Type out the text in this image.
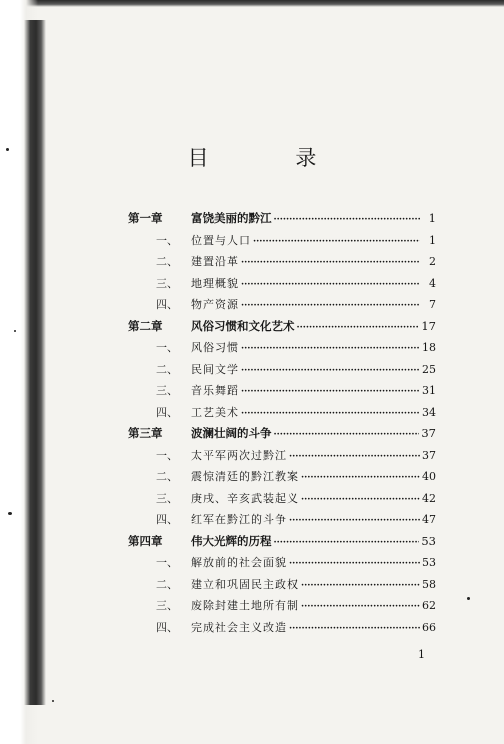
目 录
第一章	富饶美丽的黔江 ·····	1
一、	位置与人口 ·····	1
二、	建置沿革 ·····	2
三、	地理概貌 ·····	4
四、	物产资源 ·····	7
第二章	风俗习惯和文化艺术 ·····	17
一、	风俗习惯 ·····	18
二、	民间文学 ·····	25
三、	音乐舞蹈 ·····	31
四、	工艺美术 ·····	34
第三章	波澜壮阔的斗争 ·····	37
一、	太平军两次过黔江 ·····	37
二、	震惊清廷的黔江教案 ·····	40
三、	庚戌、辛亥武装起义 ·····	42
四、	红军在黔江的斗争 ·····	47
第四章	伟大光辉的历程 ·····	53
一、	解放前的社会面貌 ·····	53
二、	建立和巩固民主政权 ·····	58
三、	废除封建土地所有制 ·····	62
四、	完成社会主义改造 ·····	66
1
